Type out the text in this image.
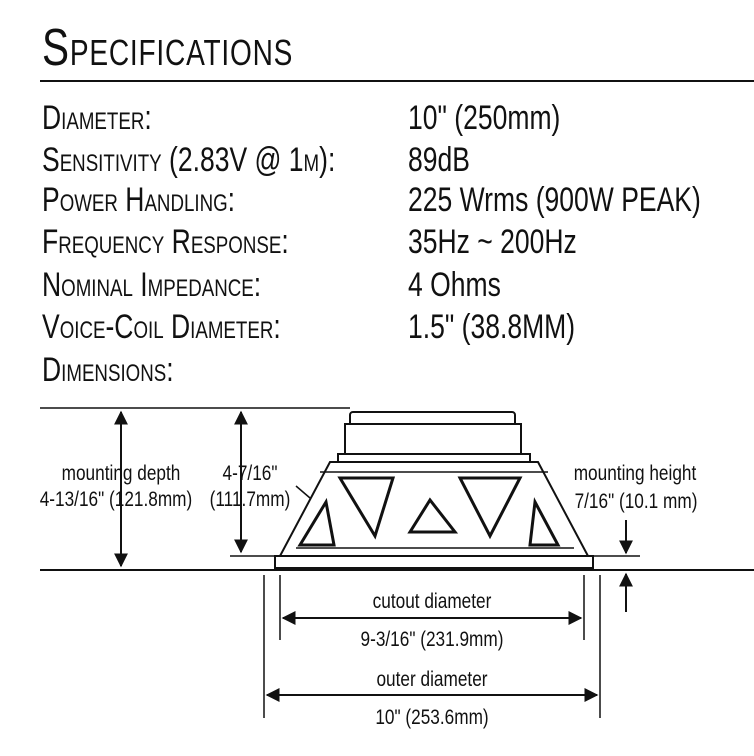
Specifications
Diameter:	10" (250mm)
Sensitivity (2.83V @ 1m): 89dB
Power Handling:	225 Wrms (900W PEAK)
Frequency Response:	35Hz ~ 200Hz
Nominal Impedance:	4 Ohms
Voice-Coil Diameter:	1.5" (38.8MM)
Dimensions:
mounting depth
4-13/16" (121.8mm)
4-7/16"
(111.7mm)
mounting height
7/16" (10.1 mm)
cutout diameter
9-3/16" (231.9mm)
outer diameter
10" (253.6mm)
